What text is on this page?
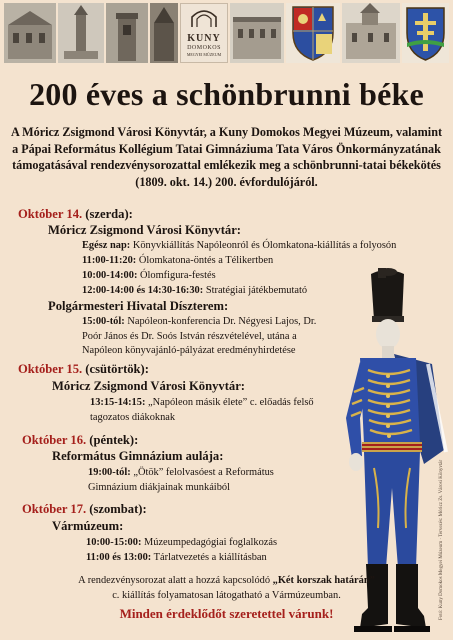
KUNY
DOMOKOS
MEGYEI MÚZEUM
200 éves a schönbrunni béke
A Móricz Zsigmond Városi Könyvtár, a Kuny Domokos Megyei Múzeum, valamint a Pápai Református Kollégium Tatai Gimnáziuma Tata Város Önkormányzatának támogatásával rendezvénysorozattal emlékezik meg a schönbrunni-tatai békekötés (1809. okt. 14.) 200. évfordulójáról.
Október 14. (szerda):
Móricz Zsigmond Városi Könyvtár:
Egész nap: Könyvkiállítás Napóleonról és Ólomkatona-kiállítás a folyosón
11:00-11:20: Ólomkatona-öntés a Télikertben
10:00-14:00: Ólomfigura-festés
12:00-14:00 és 14:30-16:30: Stratégiai játékbemutató
Polgármesteri Hivatal Díszterem:
15:00-tól: Napóleon-konferencia Dr. Négyesi Lajos, Dr. Poór János és Dr. Soós István részvételével, utána a Napóleon könyvajánló-pályázat eredményhirdetése
Október 15. (csütörtök):
Móricz Zsigmond Városi Könyvtár:
13:15-14:15: „Napóleon másik élete” c. előadás felső tagozatos diákoknak
Október 16. (péntek):
Református Gimnázium aulája:
19:00-tól: „Ötök” felolvasóest a Református Gimnázium diákjainak munkáiból
Október 17. (szombat):
Vármúzeum:
10:00-15:00: Múzeumpedagógiai foglalkozás
11:00 és 13:00: Tárlatvezetés a kiállításban
A rendezvénysorozat alatt a hozzá kapcsolódó „Két korszak határán”
c. kiállítás folyamatosan látogatható a Vármúzeumban.
Minden érdeklődőt szeretettel várunk!	Fotó: Kuny Domokos Megyei Múzeum · Tervezés: Móricz Zs. Városi Könyvtár
